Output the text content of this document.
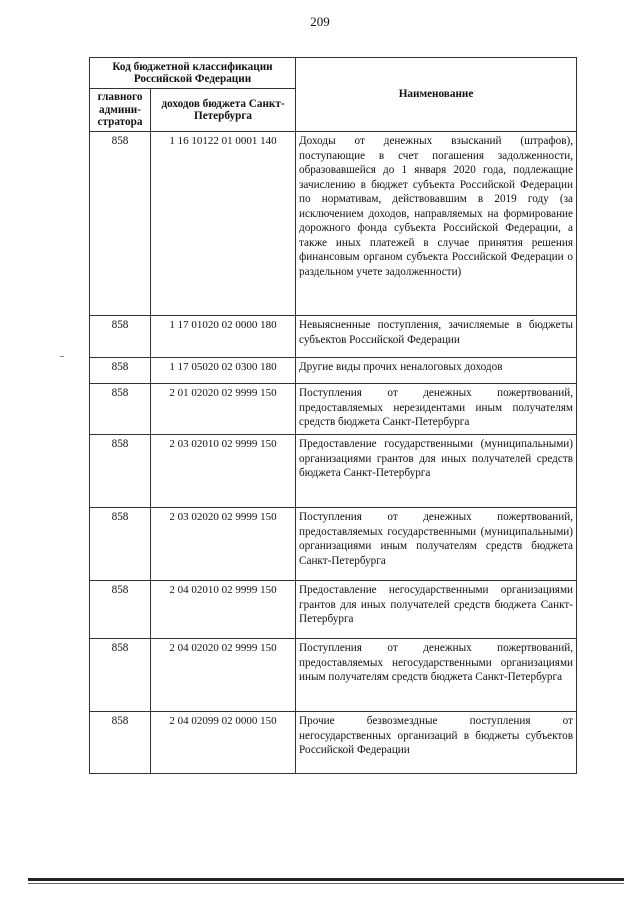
209
Код бюджетной классификации Российской Федерации		Наименование
главного админи-стратора	доходов бюджета Санкт-Петербурга	
858	1 16 10122 01 0001 140	Доходы от денежных взысканий (штрафов), поступающие в счет погашения задолженности, образовавшейся до 1 января 2020 года, подлежащие зачислению в бюджет субъекта Российской Федерации по нормативам, действовавшим в 2019 году (за исключением доходов, направляемых на формирование дорожного фонда субъекта Российской Федерации, а также иных платежей в случае принятия решения финансовым органом субъекта Российской Федерации о раздельном учете задолженности)
858	1 17 01020 02 0000 180	Невыясненные поступления, зачисляемые в бюджеты субъектов Российской Федерации
858	1 17 05020 02 0300 180	Другие виды прочих неналоговых доходов
858	2 01 02020 02 9999 150	Поступления от денежных пожертвований, предоставляемых нерезидентами иным получателям средств бюджета Санкт-Петербурга
858	2 03 02010 02 9999 150	Предоставление государственными (муниципальными) организациями грантов для иных получателей средств бюджета Санкт-Петербурга
858	2 03 02020 02 9999 150	Поступления от денежных пожертвований, предоставляемых государственными (муниципальными) организациями иным получателям средств бюджета Санкт-Петербурга
858	2 04 02010 02 9999 150	Предоставление негосударственными организациями грантов для иных получателей средств бюджета Санкт-Петербурга
858	2 04 02020 02 9999 150	Поступления от денежных пожертвований, предоставляемых негосударственными организациями иным получателям средств бюджета Санкт-Петербурга
858	2 04 02099 02 0000 150	Прочие безвозмездные поступления от негосударственных организаций в бюджеты субъектов Российской Федерации
